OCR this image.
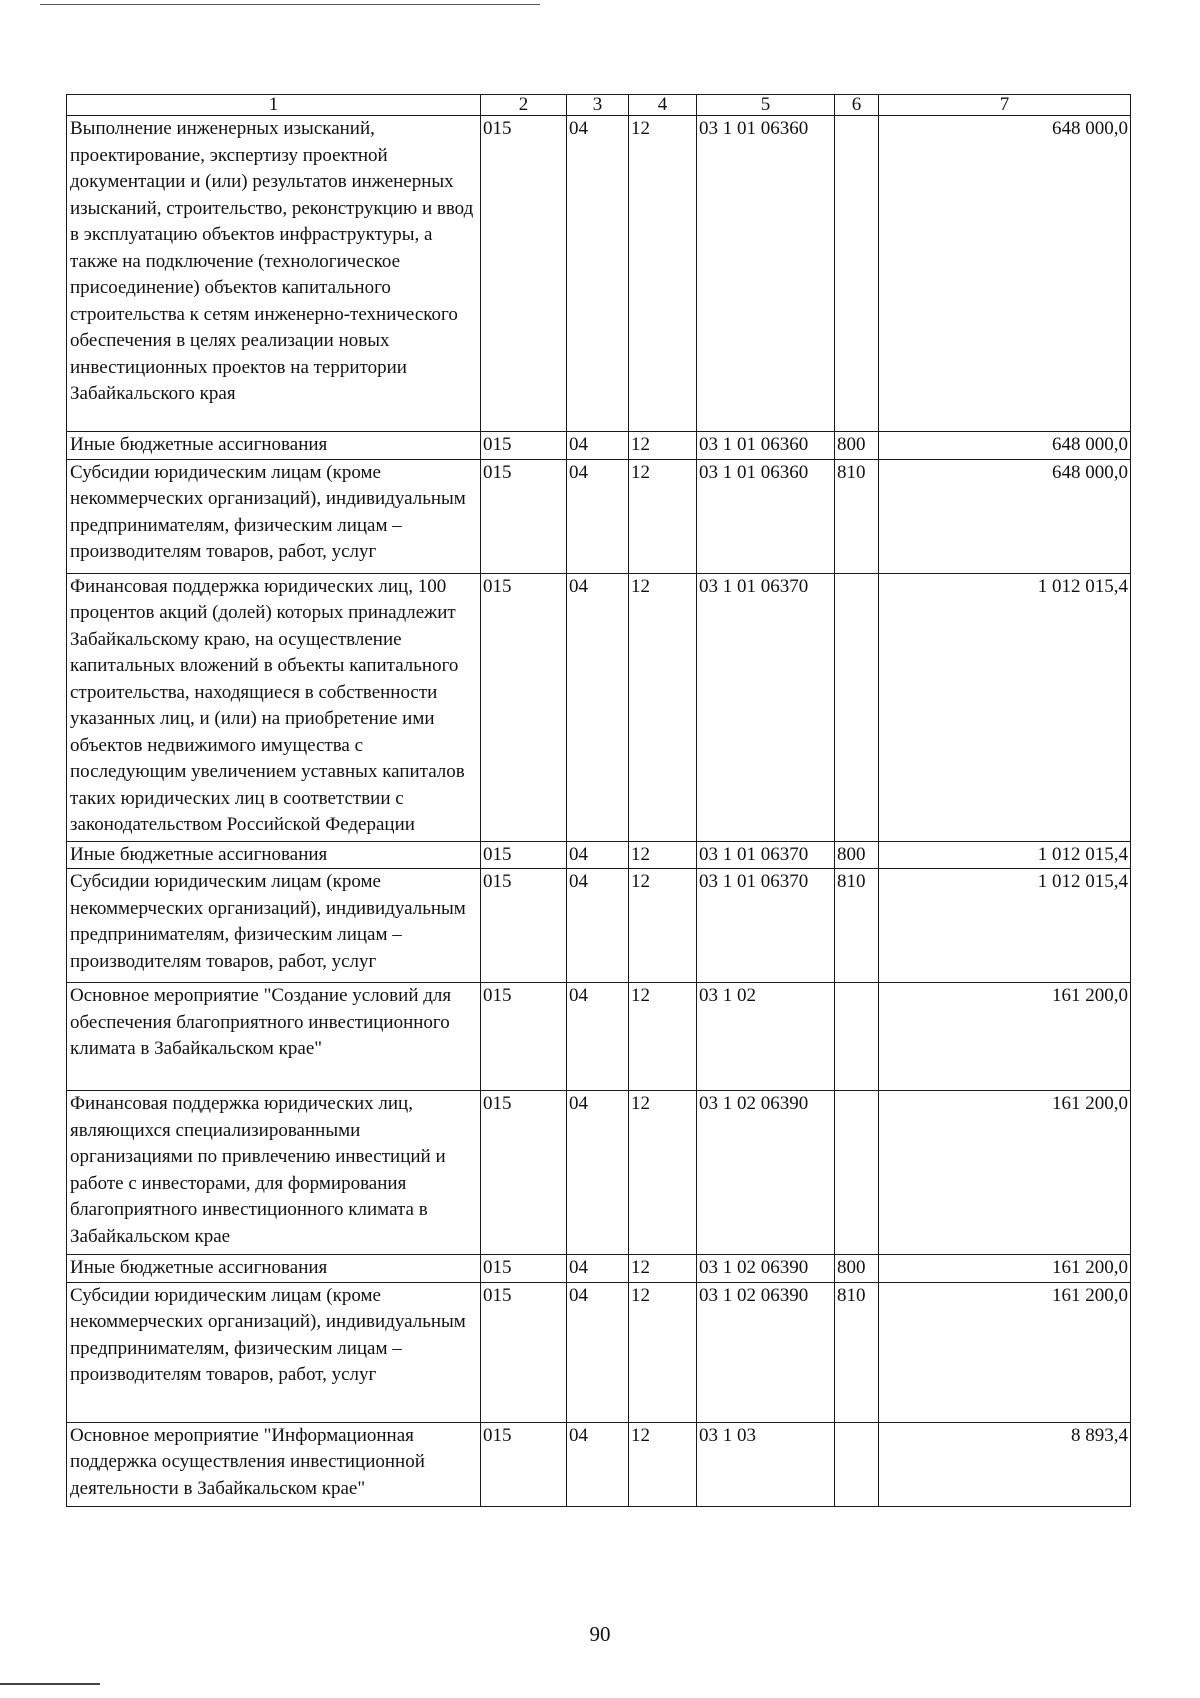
1	2	3	4	5	6	7
Выполнение инженерных изысканий, проектирование, экспертизу проектной документации и (или) результатов инженерных изысканий, строительство, реконструкцию и ввод в эксплуатацию объектов инфраструктуры, а также на подключение (технологическое присоединение) объектов капитального строительства к сетям инженерно-технического обеспечения в целях реализации новых инвестиционных проектов на территории Забайкальского края	015	04	12	03 1 01 06360		648 000,0
Иные бюджетные ассигнования	015	04	12	03 1 01 06360	800	648 000,0
Субсидии юридическим лицам (кроме некоммерческих организаций), индивидуальным предпринимателям, физическим лицам – производителям товаров, работ, услуг	015	04	12	03 1 01 06360	810	648 000,0
Финансовая поддержка юридических лиц, 100 процентов акций (долей) которых принадлежит Забайкальскому краю, на осуществление капитальных вложений в объекты капитального строительства, находящиеся в собственности указанных лиц, и (или) на приобретение ими объектов недвижимого имущества с последующим увеличением уставных капиталов таких юридических лиц в соответствии с законодательством Российской Федерации	015	04	12	03 1 01 06370		1 012 015,4
Иные бюджетные ассигнования	015	04	12	03 1 01 06370	800	1 012 015,4
Субсидии юридическим лицам (кроме некоммерческих организаций), индивидуальным предпринимателям, физическим лицам – производителям товаров, работ, услуг	015	04	12	03 1 01 06370	810	1 012 015,4
Основное мероприятие "Создание условий для обеспечения благоприятного инвестиционного климата в Забайкальском крае"	015	04	12	03 1 02		161 200,0
Финансовая поддержка юридических лиц, являющихся специализированными организациями по привлечению инвестиций и работе с инвесторами, для формирования благоприятного инвестиционного климата в Забайкальском крае	015	04	12	03 1 02 06390		161 200,0
Иные бюджетные ассигнования	015	04	12	03 1 02 06390	800	161 200,0
Субсидии юридическим лицам (кроме некоммерческих организаций), индивидуальным предпринимателям, физическим лицам – производителям товаров, работ, услуг	015	04	12	03 1 02 06390	810	161 200,0
Основное мероприятие "Информационная поддержка осуществления инвестиционной деятельности в Забайкальском крае"	015	04	12	03 1 03		8 893,4
90
